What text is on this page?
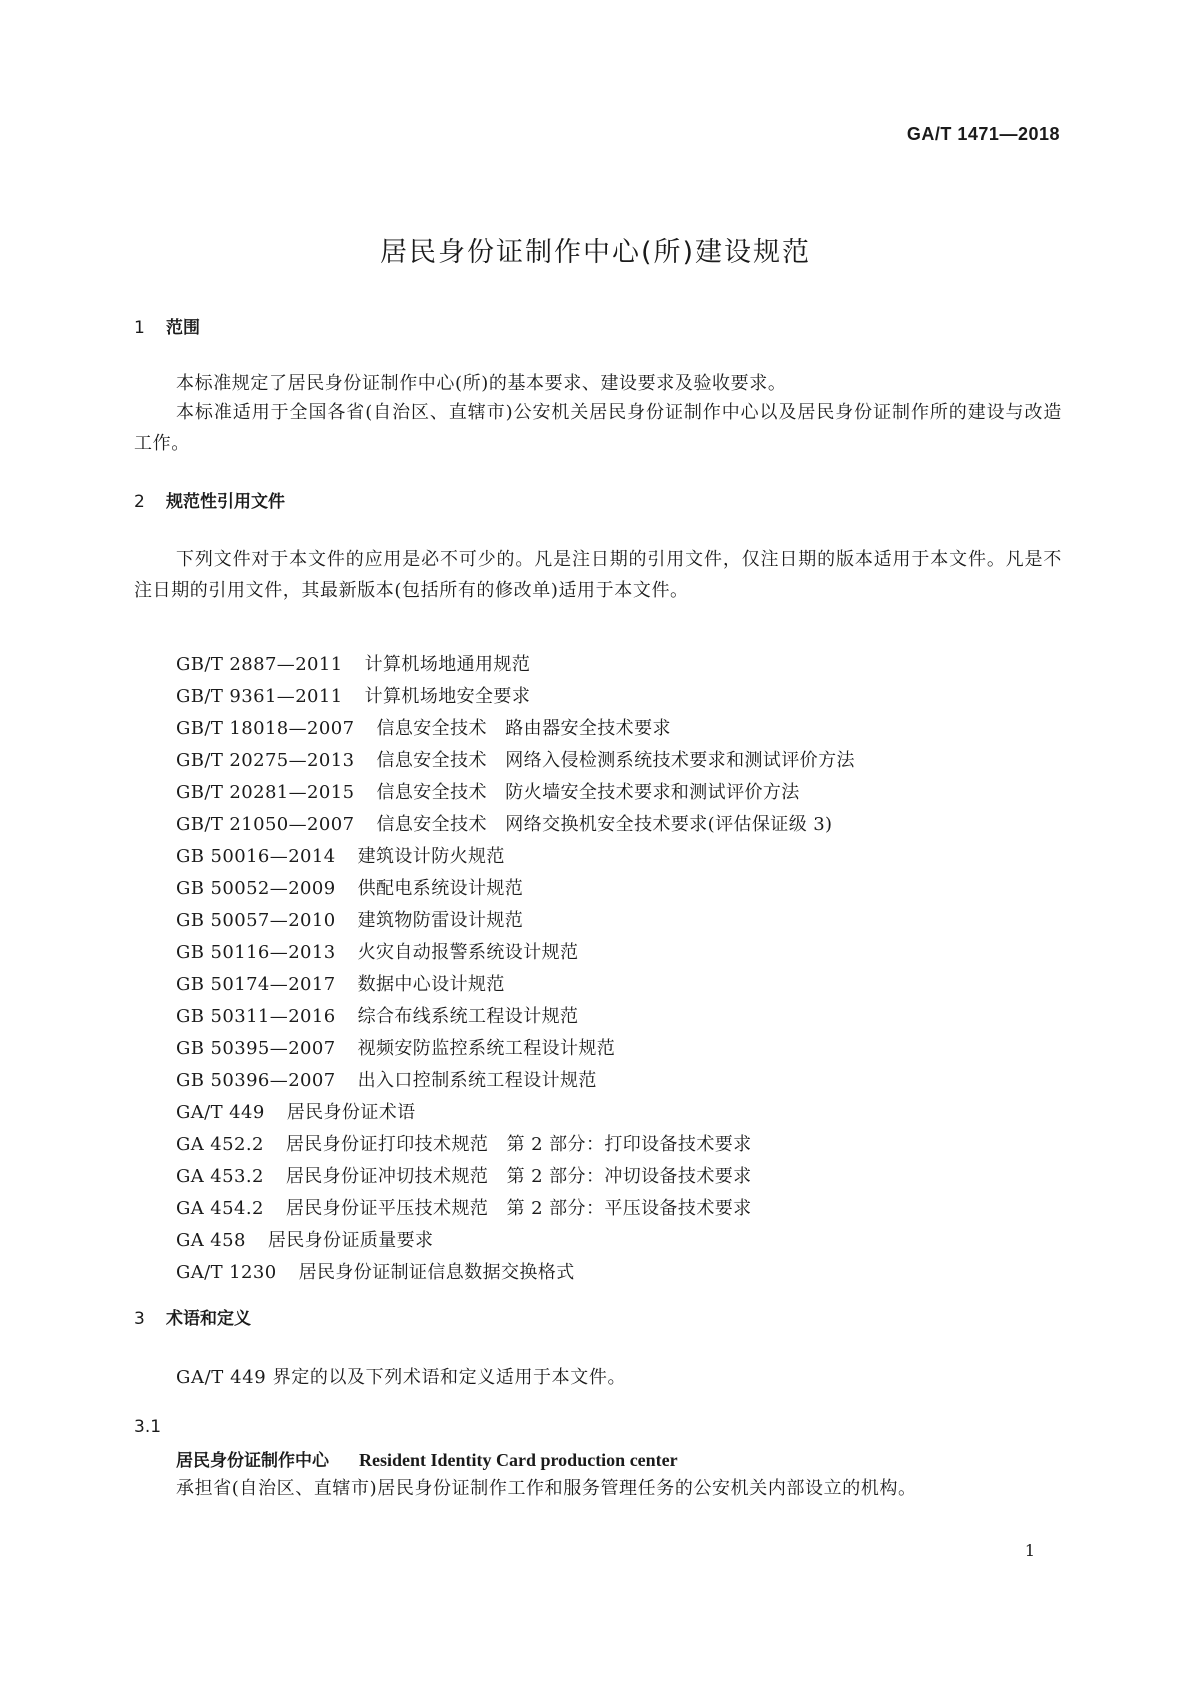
GA/T 1471—2018
居民身份证制作中心(所)建设规范
1 范围

本标准规定了居民身份证制作中心(所)的基本要求、建设要求及验收要求。

本标准适用于全国各省(自治区、直辖市)公安机关居民身份证制作中心以及居民身份证制作所的建设与改造工作。

2 规范性引用文件

下列文件对于本文件的应用是必不可少的。凡是注日期的引用文件，仅注日期的版本适用于本文件。凡是不注日期的引用文件，其最新版本(包括所有的修改单)适用于本文件。

GB/T 2887—2011 计算机场地通用规范
GB/T 9361—2011 计算机场地安全要求
GB/T 18018—2007 信息安全技术　路由器安全技术要求
GB/T 20275—2013 信息安全技术　网络入侵检测系统技术要求和测试评价方法
GB/T 20281—2015 信息安全技术　防火墙安全技术要求和测试评价方法
GB/T 21050—2007 信息安全技术　网络交换机安全技术要求(评估保证级 3)
GB 50016—2014 建筑设计防火规范
GB 50052—2009 供配电系统设计规范
GB 50057—2010 建筑物防雷设计规范
GB 50116—2013 火灾自动报警系统设计规范
GB 50174—2017 数据中心设计规范
GB 50311—2016 综合布线系统工程设计规范
GB 50395—2007 视频安防监控系统工程设计规范
GB 50396—2007 出入口控制系统工程设计规范
GA/T 449 居民身份证术语
GA 452.2 居民身份证打印技术规范　第 2 部分：打印设备技术要求
GA 453.2 居民身份证冲切技术规范　第 2 部分：冲切设备技术要求
GA 454.2 居民身份证平压技术规范　第 2 部分：平压设备技术要求
GA 458 居民身份证质量要求
GA/T 1230 居民身份证制证信息数据交换格式
3 术语和定义

GA/T 449 界定的以及下列术语和定义适用于本文件。

3.1
居民身份证制作中心 Resident Identity Card production center

承担省(自治区、直辖市)居民身份证制作工作和服务管理任务的公安机关内部设立的机构。

1
